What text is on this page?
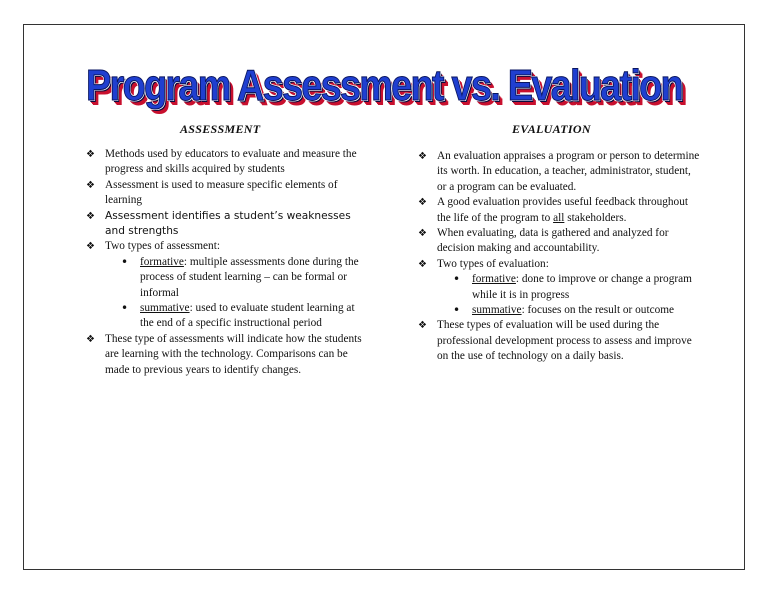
Program Assessment vs. Evaluation
ASSESSMENT	EVALUATION
❖ Methods used by educators to evaluate and measure the progress and skills acquired by students
❖ Assessment is used to measure specific elements of learning
❖ Assessment identifies a student’s weaknesses and strengths
❖ Two types of assessment:
• formative: multiple assessments done during the process of student learning – can be formal or informal
• summative: used to evaluate student learning at the end of a specific instructional period
❖ These type of assessments will indicate how the students are learning with the technology. Comparisons can be made to previous years to identify changes.
❖ An evaluation appraises a program or person to determine its worth. In education, a teacher, administrator, student, or a program can be evaluated.
❖ A good evaluation provides useful feedback throughout the life of the program to all stakeholders.
❖ When evaluating, data is gathered and analyzed for decision making and accountability.
❖ Two types of evaluation:
• formative: done to improve or change a program while it is in progress
• summative: focuses on the result or outcome
❖ These types of evaluation will be used during the professional development process to assess and improve on the use of technology on a daily basis.
